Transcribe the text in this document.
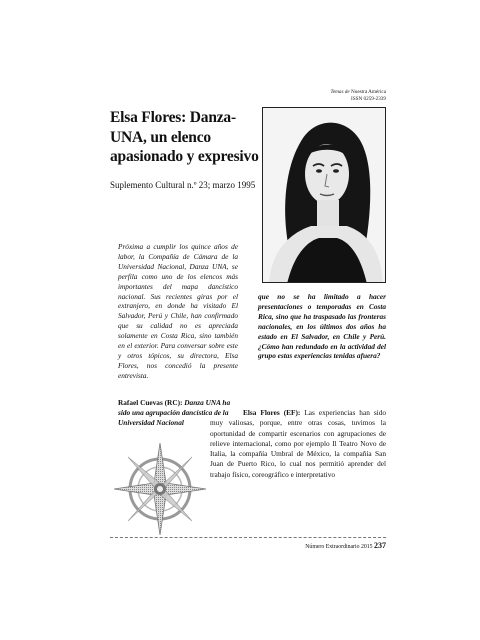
Temas de Nuestra América
ISSN 0259-2339
Elsa Flores: Danza-UNA, un elenco apasionado y expresivo
Suplemento Cultural n.º 23; marzo 1995
Próxima a cumplir los quince años de labor, la Compañía de Cámara de la Universidad Nacional, Danza UNA, se perfila como uno de los elencos más importantes del mapa dancístico nacional. Sus recientes giras por el extranjero, en donde ha visitado El Salvador, Perú y Chile, han confirmado que su calidad no es apreciada solamente en Costa Rica, sino también en el exterior. Para conversar sobre este y otros tópicos, su directora, Elsa Flores, nos concedió la presente entrevista.
Rafael Cuevas (RC): Danza UNA ha sido una agrupación dancística de la Universidad Nacional
que no se ha limitado a hacer presentaciones o temporadas en Costa Rica, sino que ha traspasado las fronteras nacionales, en los últimos dos años ha estado en El Salvador, en Chile y Perú. ¿Cómo han redundado en la actividad del grupo estas experiencias tenidas afuera?
Elsa Flores (EF): Las experiencias han sido muy valiosas, porque, entre otras cosas, tuvimos la oportunidad de compartir escenarios con agrupaciones de relieve internacional, como por ejemplo Il Teatro Novo de Italia, la compañía Umbral de México, la compañía San Juan de Puerto Rico, lo cual nos permitió aprender del trabajo físico, coreográfico e interpretativo
Número Extraordinario 2015 237
